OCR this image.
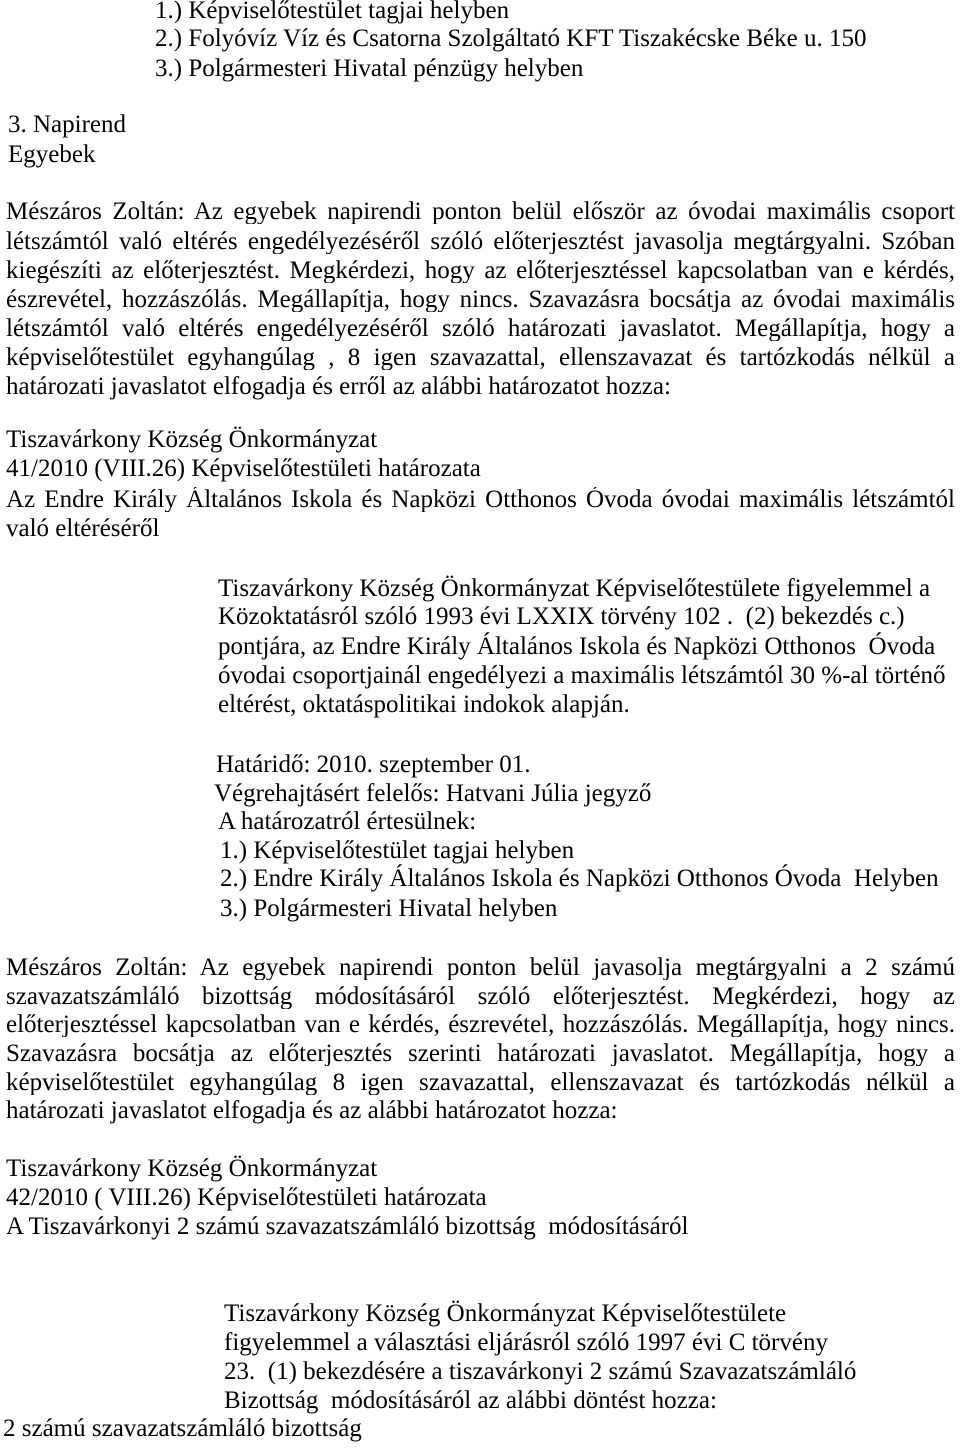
1.) Képviselőtestület tagjai helyben
2.) Folyóvíz Víz és Csatorna Szolgáltató KFT Tiszakécske Béke u. 150
3.) Polgármesteri Hivatal pénzügy helyben
3. Napirend
Egyebek
Mészáros Zoltán: Az egyebek napirendi ponton belül először az óvodai maximális csoport
létszámtól való eltérés engedélyezéséről szóló előterjesztést javasolja megtárgyalni. Szóban
kiegészíti az előterjesztést. Megkérdezi, hogy az előterjesztéssel kapcsolatban van e kérdés,
észrevétel, hozzászólás. Megállapítja, hogy nincs. Szavazásra bocsátja az óvodai maximális
létszámtól való eltérés engedélyezéséről szóló határozati javaslatot. Megállapítja, hogy a
képviselőtestület egyhangúlag , 8 igen szavazattal, ellenszavazat és tartózkodás nélkül a
határozati javaslatot elfogadja és erről az alábbi határozatot hozza:
Tiszavárkony Község Önkormányzat
41/2010 (VIII.26) Képviselőtestületi határozata
Az Endre Király Általános Iskola és Napközi Otthonos Óvoda óvodai maximális létszámtól
való eltéréséről
Tiszavárkony Község Önkormányzat Képviselőtestülete figyelemmel a
Közoktatásról szóló 1993 évi LXXIX törvény 102 .  (2) bekezdés c.)
pontjára, az Endre Király Általános Iskola és Napközi Otthonos  Óvoda
óvodai csoportjainál engedélyezi a maximális létszámtól 30 %-al történő
eltérést, oktatáspolitikai indokok alapján.
Határidő: 2010. szeptember 01.
Végrehajtásért felelős: Hatvani Júlia jegyző
A határozatról értesülnek:
1.) Képviselőtestület tagjai helyben
2.) Endre Király Általános Iskola és Napközi Otthonos Óvoda  Helyben
3.) Polgármesteri Hivatal helyben
Mészáros Zoltán: Az egyebek napirendi ponton belül javasolja megtárgyalni a 2 számú
szavazatszámláló bizottság módosításáról szóló előterjesztést. Megkérdezi, hogy az
előterjesztéssel kapcsolatban van e kérdés, észrevétel, hozzászólás. Megállapítja, hogy nincs.
Szavazásra bocsátja az előterjesztés szerinti határozati javaslatot. Megállapítja, hogy a
képviselőtestület egyhangúlag 8 igen szavazattal, ellenszavazat és tartózkodás nélkül a
határozati javaslatot elfogadja és az alábbi határozatot hozza:
Tiszavárkony Község Önkormányzat
42/2010 ( VIII.26) Képviselőtestületi határozata
A Tiszavárkonyi 2 számú szavazatszámláló bizottság  módosításáról
Tiszavárkony Község Önkormányzat Képviselőtestülete
figyelemmel a választási eljárásról szóló 1997 évi C törvény
23.  (1) bekezdésére a tiszavárkonyi 2 számú Szavazatszámláló
Bizottság  módosításáról az alábbi döntést hozza:
2 számú szavazatszámláló bizottság
